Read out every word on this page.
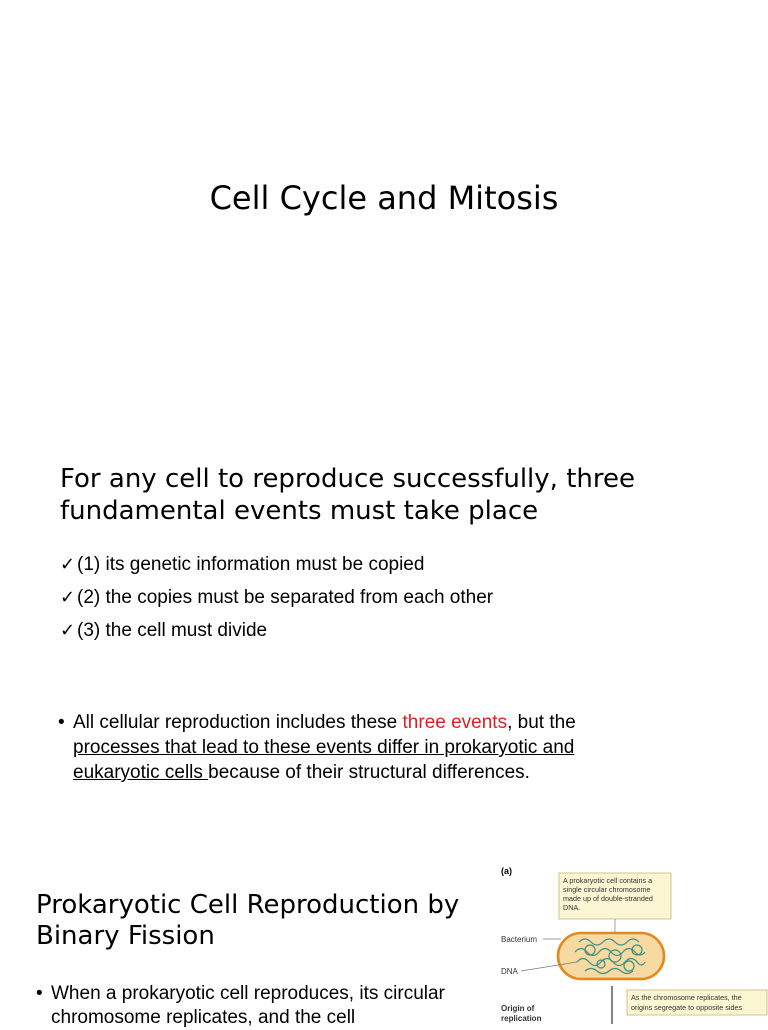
Cell Cycle and Mitosis
For any cell to reproduce successfully, three fundamental events must take place
✓ (1) its genetic information must be copied
✓ (2) the copies must be separated from each other
✓ (3) the cell must divide
• All cellular reproduction includes these three events, but the processes that lead to these events differ in prokaryotic and eukaryotic cells because of their structural differences.
Prokaryotic Cell Reproduction by Binary Fission
• When a prokaryotic cell reproduces, its circular chromosome replicates, and the cell
(a)
A prokaryotic cell contains a single circular chromosome made up of double-stranded DNA.
Bacterium
DNA
Origin of replication
As the chromosome replicates, the origins segregate to opposite sides
